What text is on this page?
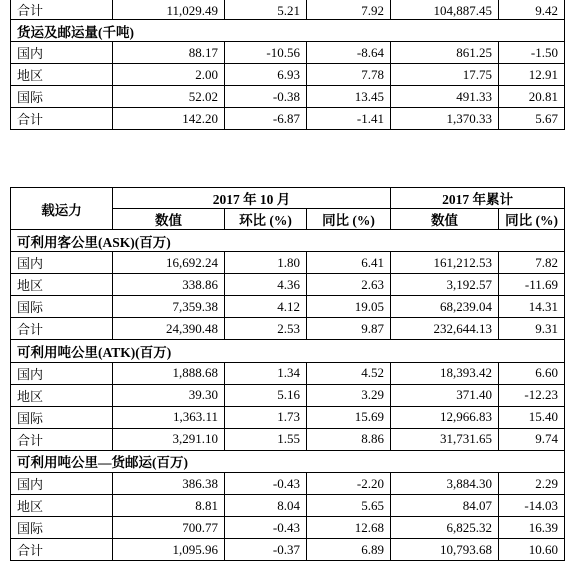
合计	11,029.49	5.21	7.92	104,887.45	9.42
货运及邮运量(千吨)					
国内	88.17	-10.56	-8.64	861.25	-1.50
地区	2.00	6.93	7.78	17.75	12.91
国际	52.02	-0.38	13.45	491.33	20.81
合计	142.20	-6.87	-1.41	1,370.33	5.67
载运力	2017 年 10 月			2017 年累计	
	数值	环比 (%)	同比 (%)	数值	同比 (%)
可利用客公里(ASK)(百万)					
国内	16,692.24	1.80	6.41	161,212.53	7.82
地区	338.86	4.36	2.63	3,192.57	-11.69
国际	7,359.38	4.12	19.05	68,239.04	14.31
合计	24,390.48	2.53	9.87	232,644.13	9.31
可利用吨公里(ATK)(百万)					
国内	1,888.68	1.34	4.52	18,393.42	6.60
地区	39.30	5.16	3.29	371.40	-12.23
国际	1,363.11	1.73	15.69	12,966.83	15.40
合计	3,291.10	1.55	8.86	31,731.65	9.74
可利用吨公里—货邮运(百万)					
国内	386.38	-0.43	-2.20	3,884.30	2.29
地区	8.81	8.04	5.65	84.07	-14.03
国际	700.77	-0.43	12.68	6,825.32	16.39
合计	1,095.96	-0.37	6.89	10,793.68	10.60
